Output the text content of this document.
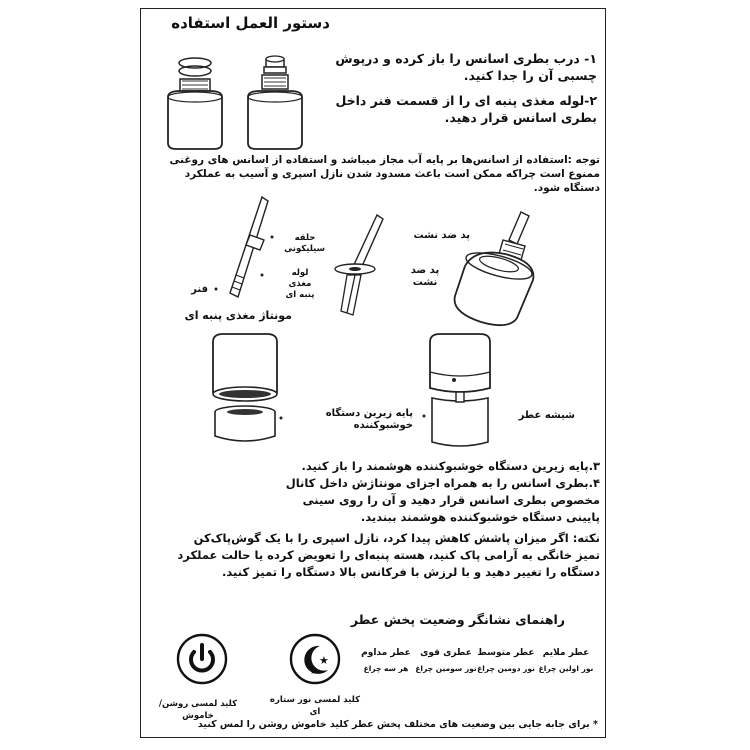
دستور العمل استفاده
۱- درب بطری اسانس را باز کرده و درپوش چسبی آن را جدا کنید.
۲-لوله مغذی پنبه ای را از قسمت فنر داخل بطری اسانس قرار دهید.
توجه :استفاده از اسانس‌ها بر پایه آب مجاز میباشد و استفاده از اسانس های روغنی ممنوع است چراکه ممکن است باعث مسدود شدن نازل اسپری و آسیب به عملکرد دستگاه شود.
حلقه سیلیکونی
لوله مغذی پنبه ای
فنر
مونتاژ مغذی پنبه ای
پد ضد نشت
پد ضد نشت
پایه زیرین دستگاه خوشبوکننده
شیشه عطر
۳.پایه زیرین دستگاه خوشبوکننده هوشمند را باز کنید.
۴.بطری اسانس را به همراه اجزای مونتاژش داخل کانال مخصوص بطری اسانس قرار دهید و آن را روی سینی پایینی دستگاه خوشبوکننده هوشمند ببندید.
نکته: اگر میزان پاشش کاهش پیدا کرد، نازل اسپری را با یک گوش‌پاک‌کن تمیز خانگی به آرامی پاک کنید، هسته پنبه‌ای را تعویض کرده یا حالت عملکرد دستگاه را تغییر دهید و با لرزش با فرکانس بالا دستگاه را تمیز کنید.
راهنمای نشانگر وضعیت پخش عطر
★
★
عطر ملایم
نور اولین چراغ
عطر متوسط
نور دومین چراغ
عطری قوی
نور سومین چراغ
عطر مداوم
هر سه چراغ
کلید لمسی روشن/خاموش
کلید لمسی نور ستاره ای
* برای جابه جایی بین وضعیت های مختلف پخش عطر کلید خاموش روشن را لمس کنید
